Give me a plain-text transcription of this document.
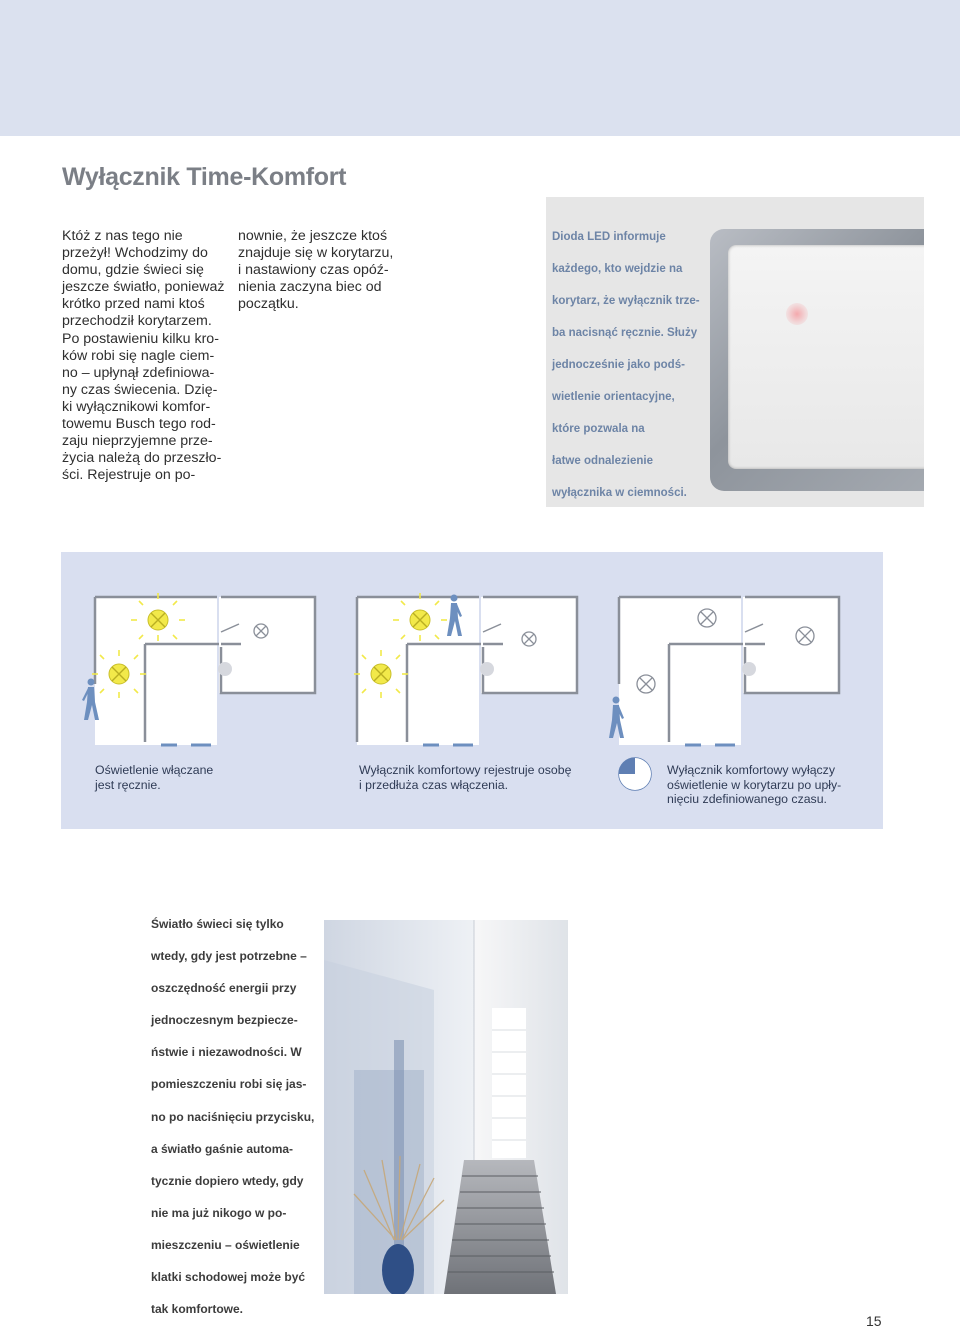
Wyłącznik Time-Komfort
Któż z nas tego nie
przeżył! Wchodzimy do
domu, gdzie świeci się
jeszcze światło, ponieważ
krótko przed nami ktoś
przechodził korytarzem.
Po postawieniu kilku kro-
ków robi się nagle ciem-
no – upłynął zdefiniowa-
ny czas świecenia. Dzię-
ki wyłącznikowi komfor-
towemu Busch tego rod-
zaju nieprzyjemne prze-
życia należą do przeszło-
ści. Rejestruje on po-
nownie, że jeszcze ktoś
znajduje się w korytarzu,
i nastawiony czas opóź-
nienia zaczyna biec od
początku.
Dioda LED informuje
każdego, kto wejdzie na
korytarz, że wyłącznik trze-
ba nacisnąć ręcznie. Służy
jednocześnie jako podś-
wietlenie orientacyjne,
które pozwala na
łatwe odnalezienie
wyłącznika w ciemności.
Oświetlenie włączane
jest ręcznie.
Wyłącznik komfortowy rejestruje osobę
i przedłuża czas włączenia.
Wyłącznik komfortowy wyłączy
oświetlenie w korytarzu po upły-
nięciu zdefiniowanego czasu.
Światło świeci się tylko
wtedy, gdy jest potrzebne –
oszczędność energii przy
jednoczesnym bezpiecze-
ństwie i niezawodności. W
pomieszczeniu robi się jas-
no po naciśnięciu przycisku,
a światło gaśnie automa-
tycznie dopiero wtedy, gdy
nie ma już nikogo w po-
mieszczeniu – oświetlenie
klatki schodowej może być
tak komfortowe.
15
